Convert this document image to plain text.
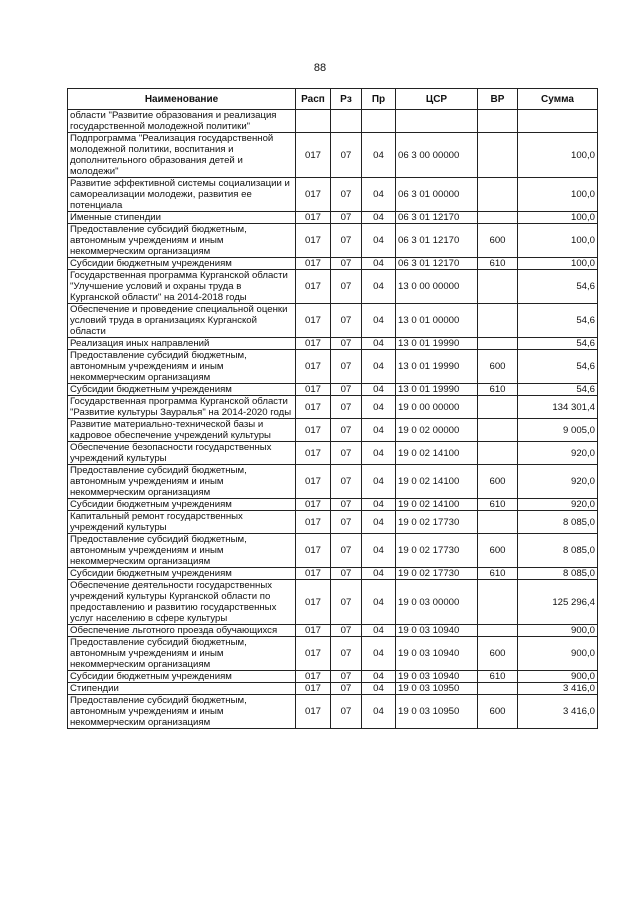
88
Наименование	Расп	Рз	Пр	ЦСР	ВР	Сумма
области "Развитие образования и реализация государственной молодежной политики"						
Подпрограмма "Реализация государственной молодежной политики, воспитания и дополнительного образования детей и молодежи"	017	07	04	06 3 00 00000		100,0
Развитие эффективной системы социализации и самореализации молодежи, развития ее потенциала	017	07	04	06 3 01 00000		100,0
Именные стипендии	017	07	04	06 3 01 12170		100,0
Предоставление субсидий бюджетным, автономным учреждениям и иным некоммерческим организациям	017	07	04	06 3 01 12170	600	100,0
Субсидии бюджетным учреждениям	017	07	04	06 3 01 12170	610	100,0
Государственная программа Курганской области "Улучшение условий и охраны труда в Курганской области" на 2014-2018 годы	017	07	04	13 0 00 00000		54,6
Обеспечение и проведение специальной оценки условий труда в организациях Курганской области	017	07	04	13 0 01 00000		54,6
Реализация иных направлений	017	07	04	13 0 01 19990		54,6
Предоставление субсидий бюджетным, автономным учреждениям и иным некоммерческим организациям	017	07	04	13 0 01 19990	600	54,6
Субсидии бюджетным учреждениям	017	07	04	13 0 01 19990	610	54,6
Государственная программа Курганской области "Развитие культуры Зауралья" на 2014-2020 годы	017	07	04	19 0 00 00000		134 301,4
Развитие материально-технической базы и кадровое обеспечение учреждений культуры	017	07	04	19 0 02 00000		9 005,0
Обеспечение безопасности государственных учреждений культуры	017	07	04	19 0 02 14100		920,0
Предоставление субсидий бюджетным, автономным учреждениям и иным некоммерческим организациям	017	07	04	19 0 02 14100	600	920,0
Субсидии бюджетным учреждениям	017	07	04	19 0 02 14100	610	920,0
Капитальный ремонт государственных учреждений культуры	017	07	04	19 0 02 17730		8 085,0
Предоставление субсидий бюджетным, автономным учреждениям и иным некоммерческим организациям	017	07	04	19 0 02 17730	600	8 085,0
Субсидии бюджетным учреждениям	017	07	04	19 0 02 17730	610	8 085,0
Обеспечение деятельности государственных учреждений культуры Курганской области по предоставлению и развитию государственных услуг населению в сфере культуры	017	07	04	19 0 03 00000		125 296,4
Обеспечение льготного проезда обучающихся	017	07	04	19 0 03 10940		900,0
Предоставление субсидий бюджетным, автономным учреждениям и иным некоммерческим организациям	017	07	04	19 0 03 10940	600	900,0
Субсидии бюджетным учреждениям	017	07	04	19 0 03 10940	610	900,0
Стипендии	017	07	04	19 0 03 10950		3 416,0
Предоставление субсидий бюджетным, автономным учреждениям и иным некоммерческим организациям	017	07	04	19 0 03 10950	600	3 416,0
